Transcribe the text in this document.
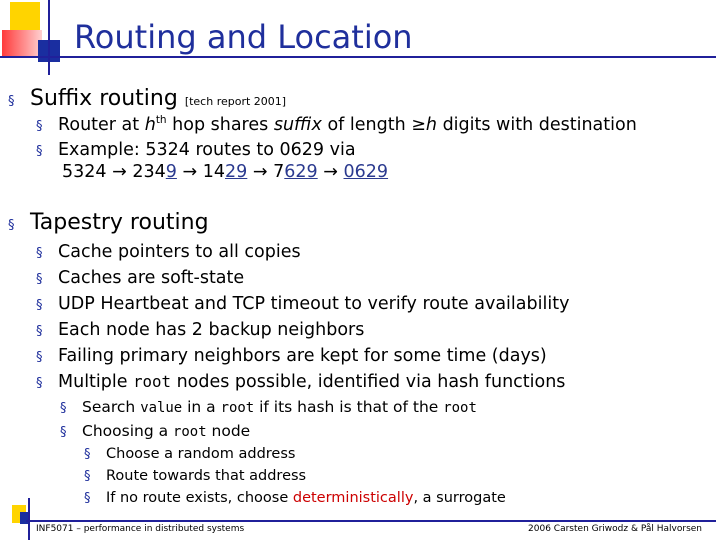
Routing and Location
§ Suffix routing [tech report 2001]
§ Router at $h^{th}$ hop shares suffix of length ≥h digits with destination
§ Example: 5324 routes to 0629 via
5324 → 2349 → 1429 → 7629 → 0629
§ Tapestry routing
§ Cache pointers to all copies
§ Caches are soft-state
§ UDP Heartbeat and TCP timeout to verify route availability
§ Each node has 2 backup neighbors
§ Failing primary neighbors are kept for some time (days)
§ Multiple root nodes possible, identified via hash functions
§ Search value in a root if its hash is that of the root
§ Choosing a root node
§ Choose a random address
§ Route towards that address
§ If no route exists, choose deterministically, a surrogate
INF5071 – performance in distributed systems	2006 Carsten Griwodz & Pål Halvorsen
